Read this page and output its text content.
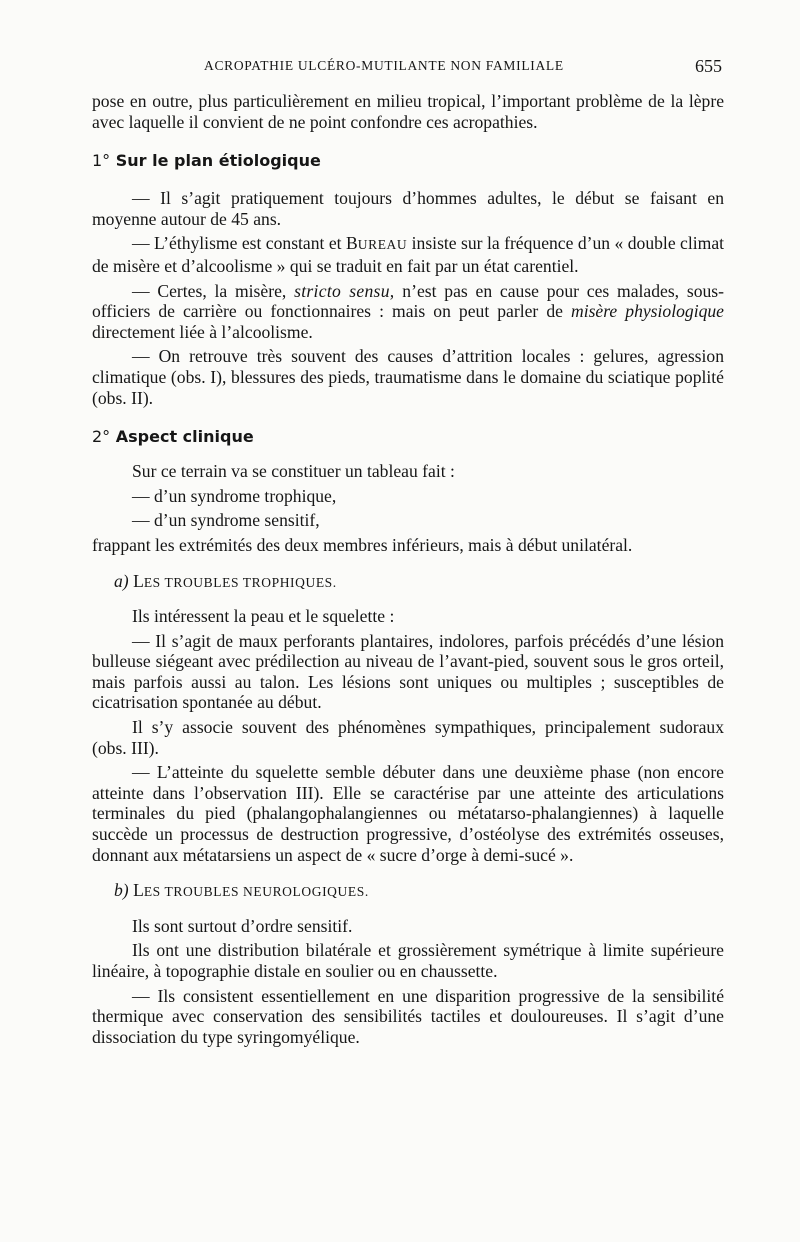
ACROPATHIE ULCÉRO-MUTILANTE NON FAMILIALE	655

pose en outre, plus particulièrement en milieu tropical, l’important problème de la lèpre avec laquelle il convient de ne point confondre ces acropathies.

1° Sur le plan étiologique

— Il s’agit pratiquement toujours d’hommes adultes, le début se faisant en moyenne autour de 45 ans.

— L’éthylisme est constant et BUREAU insiste sur la fréquence d’un « double climat de misère et d’alcoolisme » qui se traduit en fait par un état carentiel.

— Certes, la misère, stricto sensu, n’est pas en cause pour ces malades, sous-officiers de carrière ou fonctionnaires : mais on peut parler de misère physiologique directement liée à l’alcoolisme.

— On retrouve très souvent des causes d’attrition locales : gelures, agression climatique (obs. I), blessures des pieds, traumatisme dans le domaine du sciatique poplité (obs. II).

2° Aspect clinique

Sur ce terrain va se constituer un tableau fait :

— d’un syndrome trophique,

— d’un syndrome sensitif,

frappant les extrémités des deux membres inférieurs, mais à début unilatéral.

a) LES TROUBLES TROPHIQUES.

Ils intéressent la peau et le squelette :

— Il s’agit de maux perforants plantaires, indolores, parfois précédés d’une lésion bulleuse siégeant avec prédilection au niveau de l’avant-pied, souvent sous le gros orteil, mais parfois aussi au talon. Les lésions sont uniques ou multiples ; susceptibles de cicatrisation spontanée au début.

Il s’y associe souvent des phénomènes sympathiques, principalement sudoraux (obs. III).

— L’atteinte du squelette semble débuter dans une deuxième phase (non encore atteinte dans l’observation III). Elle se caractérise par une atteinte des articulations terminales du pied (phalangophalangiennes ou métatarso-phalangiennes) à laquelle succède un processus de destruction progressive, d’ostéolyse des extrémités osseuses, donnant aux métatarsiens un aspect de « sucre d’orge à demi-sucé ».

b) LES TROUBLES NEUROLOGIQUES.

Ils sont surtout d’ordre sensitif.

Ils ont une distribution bilatérale et grossièrement symétrique à limite supérieure linéaire, à topographie distale en soulier ou en chaussette.

— Ils consistent essentiellement en une disparition progressive de la sensibilité thermique avec conservation des sensibilités tactiles et douloureuses. Il s’agit d’une dissociation du type syringomyélique.
